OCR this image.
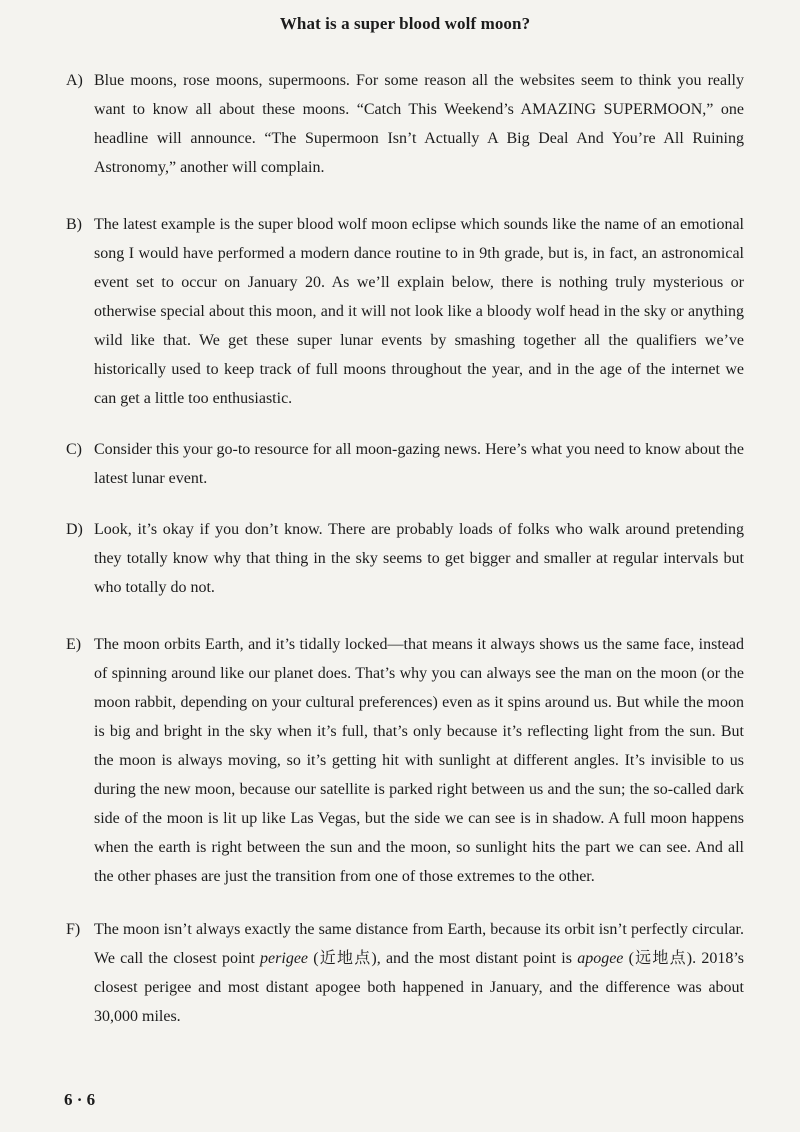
What is a super blood wolf moon?

A) Blue moons, rose moons, supermoons. For some reason all the websites seem to think you really want to know all about these moons. “Catch This Weekend’s AMAZING SUPERMOON,” one headline will announce. “The Supermoon Isn’t Actually A Big Deal And You’re All Ruining Astronomy,” another will complain.

B) The latest example is the super blood wolf moon eclipse which sounds like the name of an emotional song I would have performed a modern dance routine to in 9th grade, but is, in fact, an astronomical event set to occur on January 20. As we’ll explain below, there is nothing truly mysterious or otherwise special about this moon, and it will not look like a bloody wolf head in the sky or anything wild like that. We get these super lunar events by smashing together all the qualifiers we’ve historically used to keep track of full moons throughout the year, and in the age of the internet we can get a little too enthusiastic.

C) Consider this your go-to resource for all moon-gazing news. Here’s what you need to know about the latest lunar event.

D) Look, it’s okay if you don’t know. There are probably loads of folks who walk around pretending they totally know why that thing in the sky seems to get bigger and smaller at regular intervals but who totally do not.

E) The moon orbits Earth, and it’s tidally locked—that means it always shows us the same face, instead of spinning around like our planet does. That’s why you can always see the man on the moon (or the moon rabbit, depending on your cultural preferences) even as it spins around us. But while the moon is big and bright in the sky when it’s full, that’s only because it’s reflecting light from the sun. But the moon is always moving, so it’s getting hit with sunlight at different angles. It’s invisible to us during the new moon, because our satellite is parked right between us and the sun; the so-called dark side of the moon is lit up like Las Vegas, but the side we can see is in shadow. A full moon happens when the earth is right between the sun and the moon, so sunlight hits the part we can see. And all the other phases are just the transition from one of those extremes to the other.

F) The moon isn’t always exactly the same distance from Earth, because its orbit isn’t perfectly circular. We call the closest point perigee (近地点), and the most distant point is apogee (远地点). 2018’s closest perigee and most distant apogee both happened in January, and the difference was about 30,000 miles.

6 · 6
